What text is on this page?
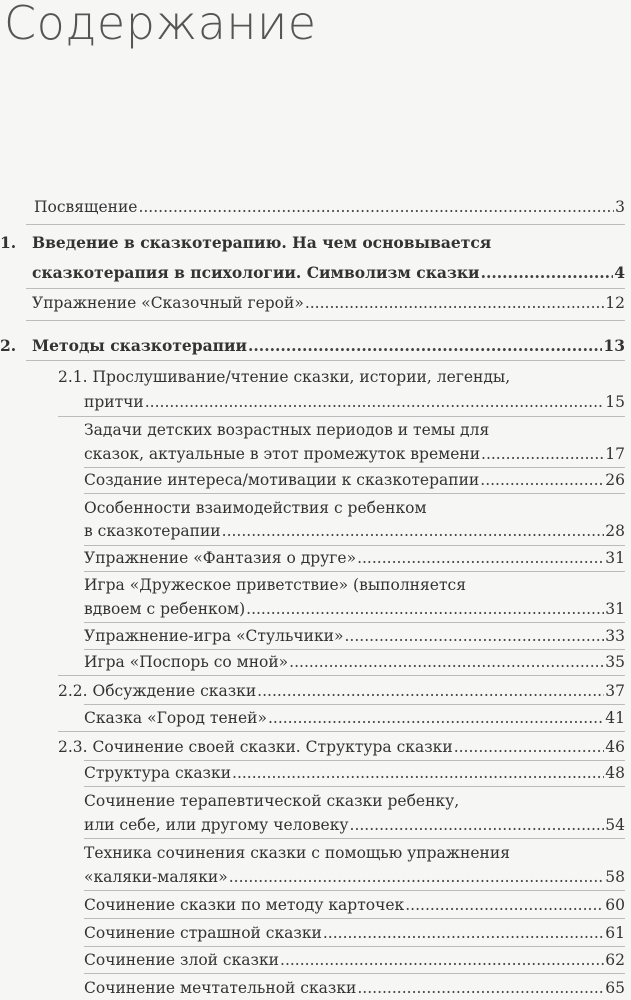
Содержание
Посвящение .....	3
1. Введение в сказкотерапию. На чем основывается
сказкотерапия в психологии. Символизм сказки .....	4
Упражнение «Сказочный герой» .....	12
2. Методы сказкотерапии .....	13
2.1. Прослушивание/чтение сказки, истории, легенды,
притчи .....	15
Задачи детских возрастных периодов и темы для
сказок, актуальные в этот промежуток времени .....	17
Создание интереса/мотивации к сказкотерапии .....	26
Особенности взаимодействия с ребенком
в сказкотерапии .....	28
Упражнение «Фантазия о друге» .....	31
Игра «Дружеское приветствие» (выполняется
вдвоем с ребенком) .....	31
Упражнение-игра «Стульчики» .....	33
Игра «Поспорь со мной» .....	35
2.2. Обсуждение сказки .....	37
Сказка «Город теней» .....	41
2.3. Сочинение своей сказки. Структура сказки .....	46
Структура сказки .....	48
Сочинение терапевтической сказки ребенку,
или себе, или другому человеку .....	54
Техника сочинения сказки с помощью упражнения
«каляки-маляки» .....	58
Сочинение сказки по методу карточек .....	60
Сочинение страшной сказки .....	61
Сочинение злой сказки .....	62
Сочинение мечтательной сказки .....	65
